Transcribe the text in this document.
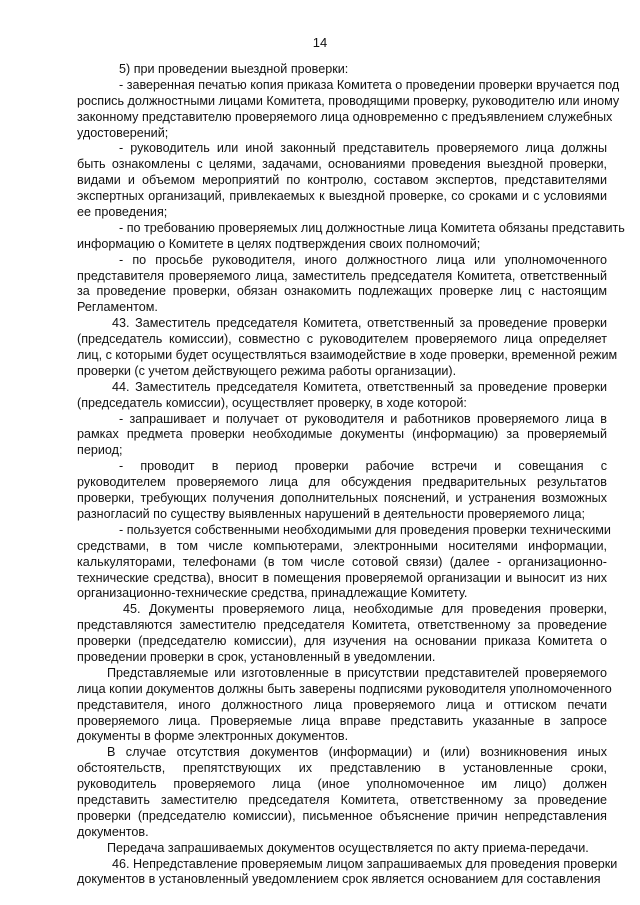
14
5) при проведении выездной проверки:
- заверенная печатью копия приказа Комитета о проведении проверки вручается под
роспись должностными лицами Комитета, проводящими проверку, руководителю или иному
законному представителю проверяемого лица одновременно с предъявлением служебных
удостоверений;
- руководитель или иной законный представитель проверяемого лица должны
быть ознакомлены с целями, задачами, основаниями проведения выездной проверки,
видами и объемом мероприятий по контролю, составом экспертов, представителями
экспертных организаций, привлекаемых к выездной проверке, со сроками и с условиями
ее проведения;
- по требованию проверяемых лиц должностные лица Комитета обязаны представить
информацию о Комитете в целях подтверждения своих полномочий;
- по просьбе руководителя, иного должностного лица или уполномоченного
представителя проверяемого лица, заместитель председателя Комитета, ответственный
за проведение проверки, обязан ознакомить подлежащих проверке лиц с настоящим
Регламентом.
43. Заместитель председателя Комитета, ответственный за проведение проверки
(председатель комиссии), совместно с руководителем проверяемого лица определяет
лиц, с которыми будет осуществляться взаимодействие в ходе проверки, временной режим
проверки (с учетом действующего режима работы организации).
44. Заместитель председателя Комитета, ответственный за проведение проверки
(председатель комиссии), осуществляет проверку, в ходе которой:
- запрашивает и получает от руководителя и работников проверяемого лица в
рамках предмета проверки необходимые документы (информацию) за проверяемый
период;
- проводит в период проверки рабочие встречи и совещания с
руководителем проверяемого лица для обсуждения предварительных результатов
проверки, требующих получения дополнительных пояснений, и устранения возможных
разногласий по существу выявленных нарушений в деятельности проверяемого лица;
- пользуется собственными необходимыми для проведения проверки техническими
средствами, в том числе компьютерами, электронными носителями информации,
калькуляторами, телефонами (в том числе сотовой связи) (далее - организационно-
технические средства), вносит в помещения проверяемой организации и выносит из них
организационно-технические средства, принадлежащие Комитету.
45. Документы проверяемого лица, необходимые для проведения проверки,
представляются заместителю председателя Комитета, ответственному за проведение
проверки (председателю комиссии), для изучения на основании приказа Комитета о
проведении проверки в срок, установленный в уведомлении.
Представляемые или изготовленные в присутствии представителей проверяемого
лица копии документов должны быть заверены подписями руководителя уполномоченного
представителя, иного должностного лица проверяемого лица и оттиском печати
проверяемого лица. Проверяемые лица вправе представить указанные в запросе
документы в форме электронных документов.
В случае отсутствия документов (информации) и (или) возникновения иных
обстоятельств, препятствующих их представлению в установленные сроки,
руководитель проверяемого лица (иное уполномоченное им лицо) должен
представить заместителю председателя Комитета, ответственному за проведение
проверки (председателю комиссии), письменное объяснение причин непредставления
документов.
Передача запрашиваемых документов осуществляется по акту приема-передачи.
46. Непредставление проверяемым лицом запрашиваемых для проведения проверки
документов в установленный уведомлением срок является основанием для составления
